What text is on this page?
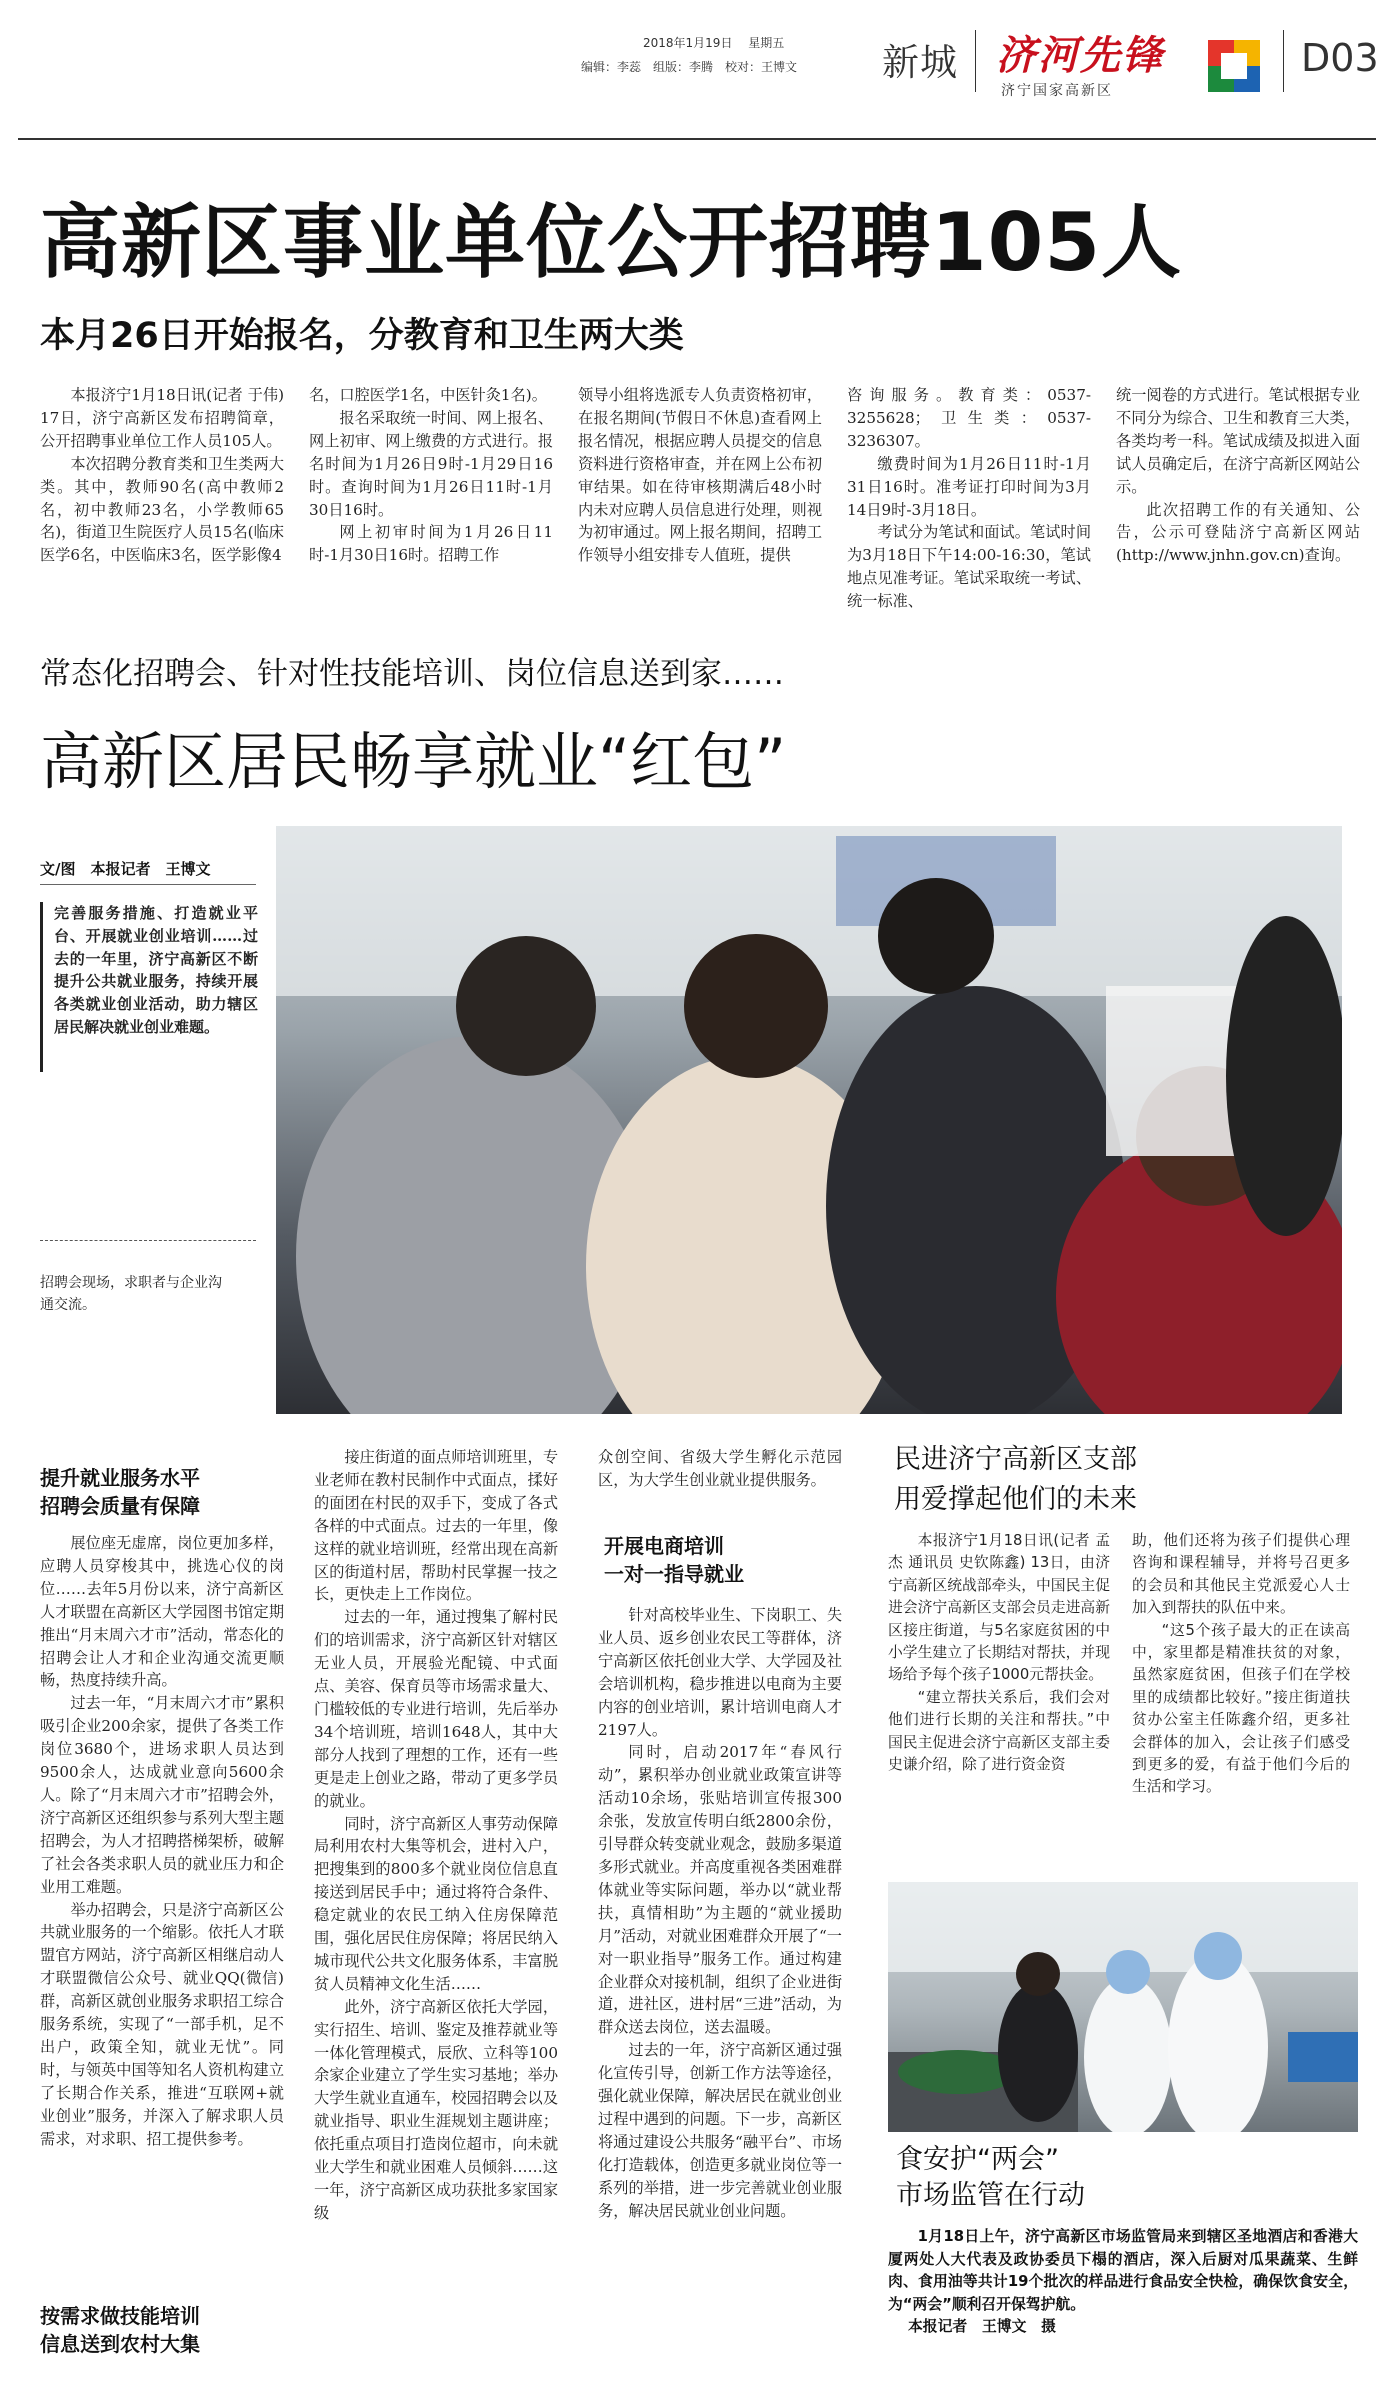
2018年1月19日 星期五
编辑：李蕊　组版：李腾　校对：王博文 新城 济河先锋
济宁国家高新区
D03
高新区事业单位公开招聘105人
本月26日开始报名，分教育和卫生两大类

本报济宁1月18日讯(记者 于伟) 17日，济宁高新区发布招聘简章，公开招聘事业单位工作人员105人。

本次招聘分教育类和卫生类两大类。其中，教师90名(高中教师2名，初中教师23名，小学教师65名)，街道卫生院医疗人员15名(临床医学6名，中医临床3名，医学影像4

名，口腔医学1名，中医针灸1名)。

报名采取统一时间、网上报名、网上初审、网上缴费的方式进行。报名时间为1月26日9时-1月29日16时。查询时间为1月26日11时-1月30日16时。

网上初审时间为1月26日11时-1月30日16时。招聘工作

领导小组将选派专人负责资格初审，在报名期间(节假日不休息)查看网上报名情况，根据应聘人员提交的信息资料进行资格审查，并在网上公布初审结果。如在待审核期满后48小时内未对应聘人员信息进行处理，则视为初审通过。网上报名期间，招聘工作领导小组安排专人值班，提供

咨询服务。教育类：0537-3255628；卫生类：0537-3236307。

缴费时间为1月26日11时-1月31日16时。准考证打印时间为3月14日9时-3月18日。

考试分为笔试和面试。笔试时间为3月18日下午14:00-16:30，笔试地点见准考证。笔试采取统一考试、统一标准、

统一阅卷的方式进行。笔试根据专业不同分为综合、卫生和教育三大类，各类均考一科。笔试成绩及拟进入面试人员确定后，在济宁高新区网站公示。

此次招聘工作的有关通知、公告，公示可登陆济宁高新区网站(http://www.jnhn.gov.cn)查询。

常态化招聘会、针对性技能培训、岗位信息送到家……
高新区居民畅享就业“红包”
文/图　本报记者　王博文
完善服务措施、打造就业平台、开展就业创业培训……过去的一年里，济宁高新区不断提升公共就业服务，持续开展各类就业创业活动，助力辖区居民解决就业创业难题。
招聘会现场，求职者与企业沟通交流。
提升就业服务水平
招聘会质量有保障

展位座无虚席，岗位更加多样，应聘人员穿梭其中，挑选心仪的岗位……去年5月份以来，济宁高新区人才联盟在高新区大学园图书馆定期推出“月末周六才市”活动，常态化的招聘会让人才和企业沟通交流更顺畅，热度持续升高。

过去一年，“月末周六才市”累积吸引企业200余家，提供了各类工作岗位3680个，进场求职人员达到9500余人，达成就业意向5600余人。除了“月末周六才市”招聘会外，济宁高新区还组织参与系列大型主题招聘会，为人才招聘搭梯架桥，破解了社会各类求职人员的就业压力和企业用工难题。

举办招聘会，只是济宁高新区公共就业服务的一个缩影。依托人才联盟官方网站，济宁高新区相继启动人才联盟微信公众号、就业QQ(微信)群，高新区就创业服务求职招工综合服务系统，实现了“一部手机，足不出户，政策全知，就业无忧”。同时，与领英中国等知名人资机构建立了长期合作关系，推进“互联网+就业创业”服务，并深入了解求职人员需求，对求职、招工提供参考。

按需求做技能培训
信息送到农村大集

接庄街道的面点师培训班里，专业老师在教村民制作中式面点，揉好的面团在村民的双手下，变成了各式各样的中式面点。过去的一年里，像这样的就业培训班，经常出现在高新区的街道村居，帮助村民掌握一技之长，更快走上工作岗位。

过去的一年，通过搜集了解村民们的培训需求，济宁高新区针对辖区无业人员，开展验光配镜、中式面点、美容、保育员等市场需求量大、门槛较低的专业进行培训，先后举办34个培训班，培训1648人，其中大部分人找到了理想的工作，还有一些更是走上创业之路，带动了更多学员的就业。

同时，济宁高新区人事劳动保障局利用农村大集等机会，进村入户，把搜集到的800多个就业岗位信息直接送到居民手中；通过将符合条件、稳定就业的农民工纳入住房保障范围，强化居民住房保障；将居民纳入城市现代公共文化服务体系，丰富脱贫人员精神文化生活……

此外，济宁高新区依托大学园，实行招生、培训、鉴定及推荐就业等一体化管理模式，辰欣、立科等100余家企业建立了学生实习基地；举办大学生就业直通车，校园招聘会以及就业指导、职业生涯规划主题讲座；依托重点项目打造岗位超市，向未就业大学生和就业困难人员倾斜……这一年，济宁高新区成功获批多家国家级

众创空间、省级大学生孵化示范园区，为大学生创业就业提供服务。

开展电商培训
一对一指导就业

针对高校毕业生、下岗职工、失业人员、返乡创业农民工等群体，济宁高新区依托创业大学、大学园及社会培训机构，稳步推进以电商为主要内容的创业培训，累计培训电商人才2197人。

同时，启动2017年“春风行动”，累积举办创业就业政策宣讲等活动10余场，张贴培训宣传报300余张，发放宣传明白纸2800余份，引导群众转变就业观念，鼓励多渠道多形式就业。并高度重视各类困难群体就业等实际问题，举办以“就业帮扶，真情相助”为主题的“就业援助月”活动，对就业困难群众开展了“一对一职业指导”服务工作。通过构建企业群众对接机制，组织了企业进街道，进社区，进村居“三进”活动，为群众送去岗位，送去温暖。

过去的一年，济宁高新区通过强化宣传引导，创新工作方法等途径，强化就业保障，解决居民在就业创业过程中遇到的问题。下一步，高新区将通过建设公共服务“融平台”、市场化打造载体，创造更多就业岗位等一系列的举措，进一步完善就业创业服务，解决居民就业创业问题。

民进济宁高新区支部
用爱撑起他们的未来

本报济宁1月18日讯(记者 孟杰 通讯员 史钦陈鑫) 13日，由济宁高新区统战部牵头，中国民主促进会济宁高新区支部会员走进高新区接庄街道，与5名家庭贫困的中小学生建立了长期结对帮扶，并现场给予每个孩子1000元帮扶金。

“建立帮扶关系后，我们会对他们进行长期的关注和帮扶。”中国民主促进会济宁高新区支部主委史谦介绍，除了进行资金资

助，他们还将为孩子们提供心理咨询和课程辅导，并将号召更多的会员和其他民主党派爱心人士加入到帮扶的队伍中来。

“这5个孩子最大的正在读高中，家里都是精准扶贫的对象，虽然家庭贫困，但孩子们在学校里的成绩都比较好。”接庄街道扶贫办公室主任陈鑫介绍，更多社会群体的加入，会让孩子们感受到更多的爱，有益于他们今后的生活和学习。

食安护“两会”
市场监管在行动
1月18日上午，济宁高新区市场监管局来到辖区圣地酒店和香港大厦两处人大代表及政协委员下榻的酒店，深入后厨对瓜果蔬菜、生鲜肉、食用油等共计19个批次的样品进行食品安全快检，确保饮食安全，为“两会”顺利召开保驾护航。
本报记者　王博文　摄
